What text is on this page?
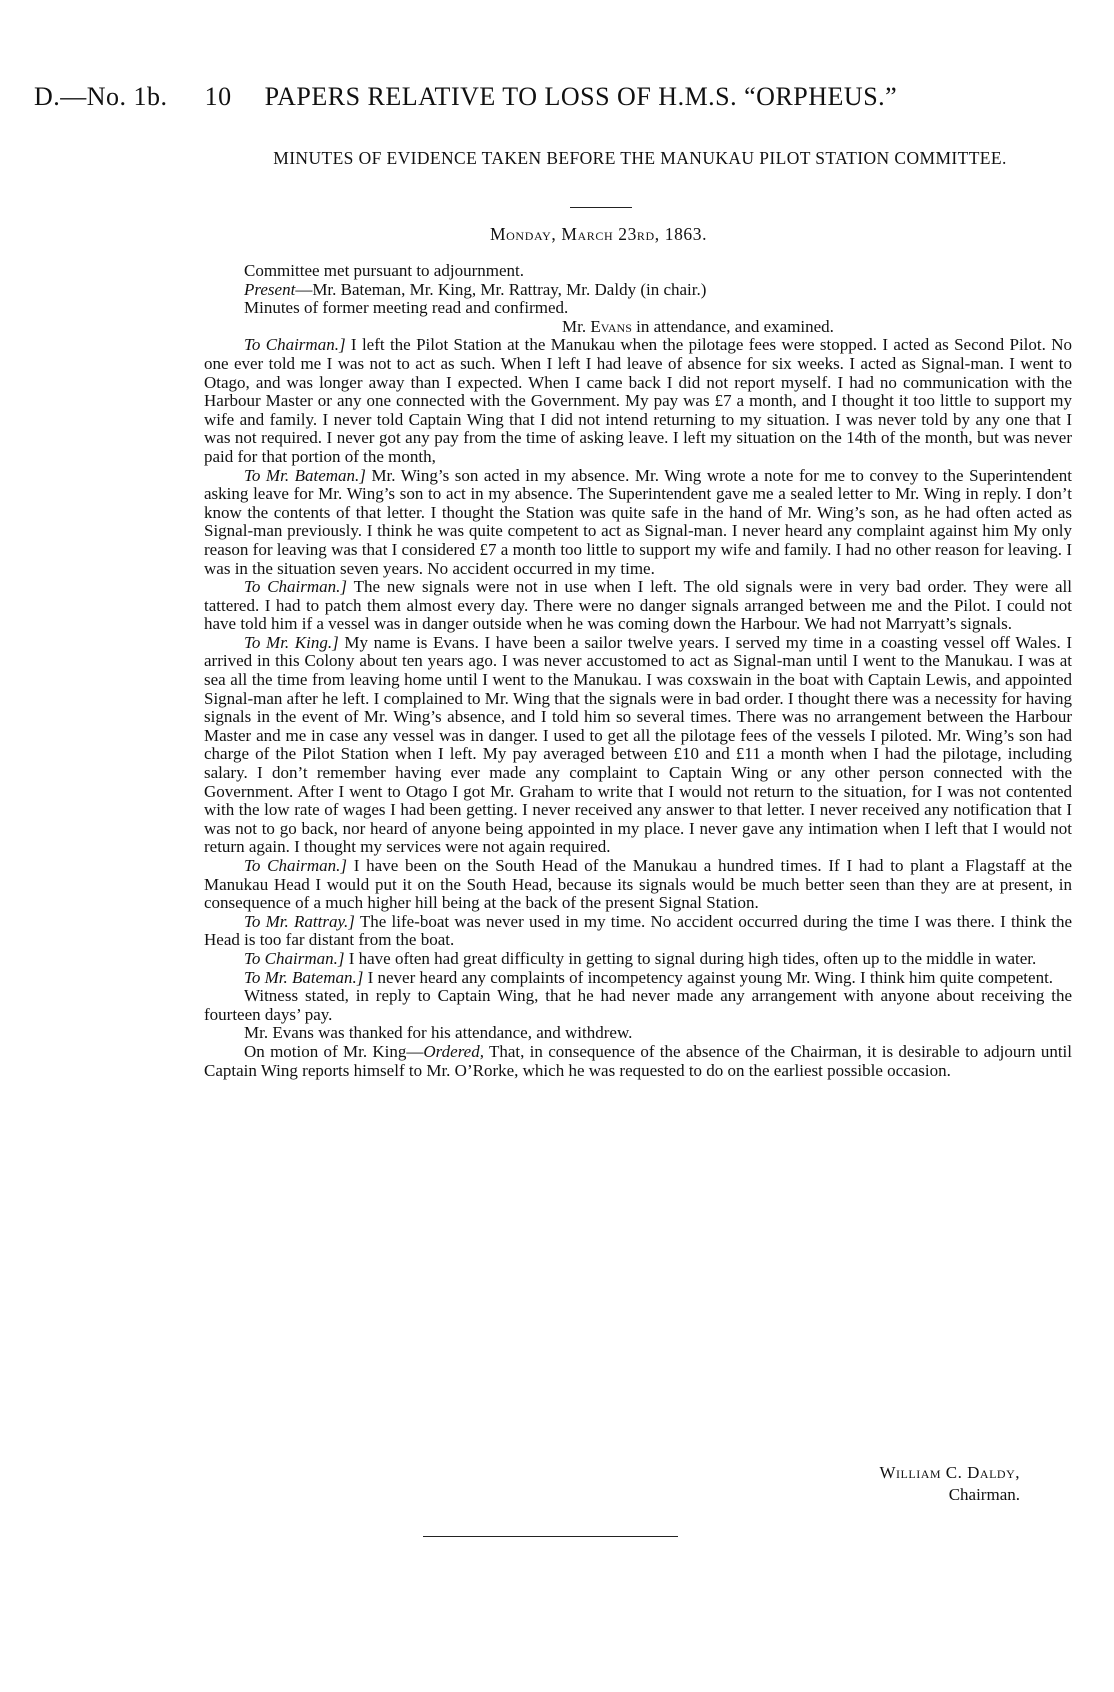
D.—No. 1b. 10 PAPERS RELATIVE TO LOSS OF H.M.S. “ORPHEUS.”
MINUTES OF EVIDENCE TAKEN BEFORE THE MANUKAU PILOT STATION COMMITTEE.
Monday, March 23rd, 1863.

Committee met pursuant to adjournment.

Present—Mr. Bateman, Mr. King, Mr. Rattray, Mr. Daldy (in chair.)

Minutes of former meeting read and confirmed.

Mr. Evans in attendance, and examined.

To Chairman.] I left the Pilot Station at the Manukau when the pilotage fees were stopped. I acted as Second Pilot. No one ever told me I was not to act as such. When I left I had leave of absence for six weeks. I acted as Signal-man. I went to Otago, and was longer away than I expected. When I came back I did not report myself. I had no communication with the Harbour Master or any one connected with the Government. My pay was £7 a month, and I thought it too little to support my wife and family. I never told Captain Wing that I did not intend returning to my situation. I was never told by any one that I was not required. I never got any pay from the time of asking leave. I left my situation on the 14th of the month, but was never paid for that portion of the month,

To Mr. Bateman.] Mr. Wing’s son acted in my absence. Mr. Wing wrote a note for me to convey to the Superintendent asking leave for Mr. Wing’s son to act in my absence. The Superintendent gave me a sealed letter to Mr. Wing in reply. I don’t know the contents of that letter. I thought the Station was quite safe in the hand of Mr. Wing’s son, as he had often acted as Signal-man previously. I think he was quite competent to act as Signal-man. I never heard any complaint against him My only reason for leaving was that I considered £7 a month too little to support my wife and family. I had no other reason for leaving. I was in the situation seven years. No accident occurred in my time.

To Chairman.] The new signals were not in use when I left. The old signals were in very bad order. They were all tattered. I had to patch them almost every day. There were no danger signals arranged between me and the Pilot. I could not have told him if a vessel was in danger outside when he was coming down the Harbour. We had not Marryatt’s signals.

To Mr. King.] My name is Evans. I have been a sailor twelve years. I served my time in a coasting vessel off Wales. I arrived in this Colony about ten years ago. I was never accustomed to act as Signal-man until I went to the Manukau. I was at sea all the time from leaving home until I went to the Manukau. I was coxswain in the boat with Captain Lewis, and appointed Signal-man after he left. I complained to Mr. Wing that the signals were in bad order. I thought there was a necessity for having signals in the event of Mr. Wing’s absence, and I told him so several times. There was no arrangement between the Harbour Master and me in case any vessel was in danger. I used to get all the pilotage fees of the vessels I piloted. Mr. Wing’s son had charge of the Pilot Station when I left. My pay averaged between £10 and £11 a month when I had the pilotage, including salary. I don’t remember having ever made any complaint to Captain Wing or any other person connected with the Government. After I went to Otago I got Mr. Graham to write that I would not return to the situation, for I was not contented with the low rate of wages I had been getting. I never received any answer to that letter. I never received any notification that I was not to go back, nor heard of anyone being appointed in my place. I never gave any intimation when I left that I would not return again. I thought my services were not again required.

To Chairman.] I have been on the South Head of the Manukau a hundred times. If I had to plant a Flagstaff at the Manukau Head I would put it on the South Head, because its signals would be much better seen than they are at present, in consequence of a much higher hill being at the back of the present Signal Station.

To Mr. Rattray.] The life-boat was never used in my time. No accident occurred during the time I was there. I think the Head is too far distant from the boat.

To Chairman.] I have often had great difficulty in getting to signal during high tides, often up to the middle in water.

To Mr. Bateman.] I never heard any complaints of incompetency against young Mr. Wing. I think him quite competent.

Witness stated, in reply to Captain Wing, that he had never made any arrangement with anyone about receiving the fourteen days’ pay.

Mr. Evans was thanked for his attendance, and withdrew.

On motion of Mr. King—Ordered, That, in consequence of the absence of the Chairman, it is desirable to adjourn until Captain Wing reports himself to Mr. O’Rorke, which he was requested to do on the earliest possible occasion.

William C. Daldy,
Chairman.
